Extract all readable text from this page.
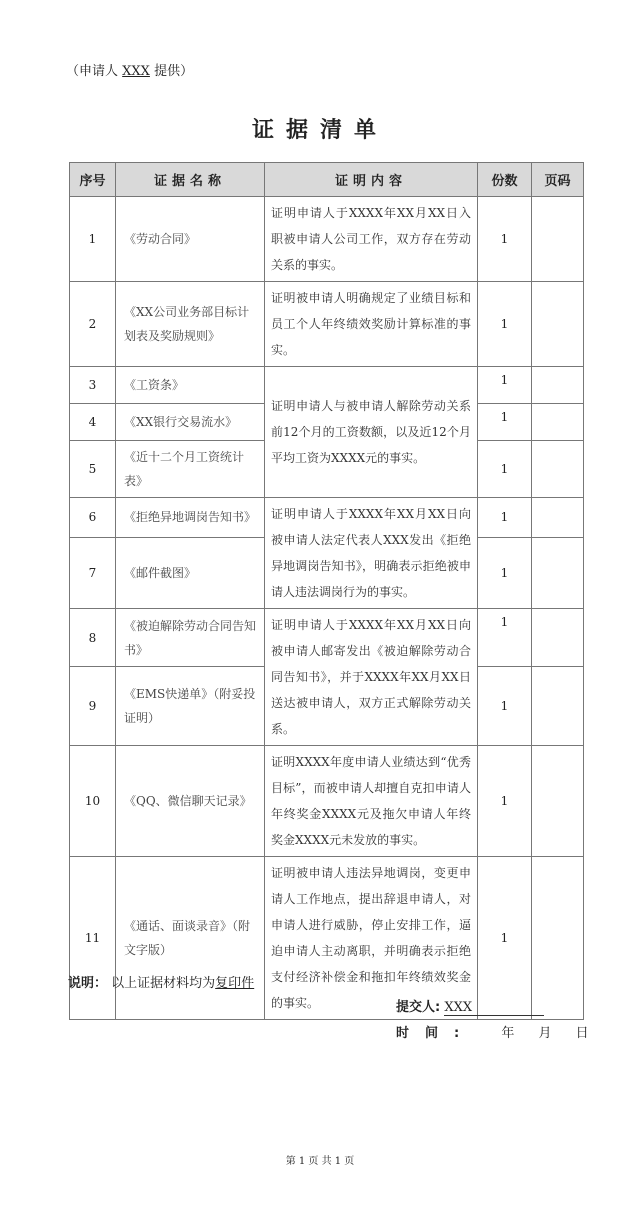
（申请人 XXX 提供）
证据清单
序号	证据名称	证明内容	份数	页码
1	《劳动合同》	证明申请人于XXXX年XX月XX日入职被申请人公司工作，双方存在劳动关系的事实。	1	
2	《XX公司业务部目标计划表及奖励规则》	证明被申请人明确规定了业绩目标和员工个人年终绩效奖励计算标准的事实。	1	
3	《工资条》	证明申请人与被申请人解除劳动关系前12个月的工资数额，以及近12个月平均工资为XXXX元的事实。	1	
4	《XX银行交易流水》		1	
5	《近十二个月工资统计表》		1	
6	《拒绝异地调岗告知书》	证明申请人于XXXX年XX月XX日向被申请人法定代表人XXX发出《拒绝异地调岗告知书》，明确表示拒绝被申请人违法调岗行为的事实。	1	
7	《邮件截图》		1	
8	《被迫解除劳动合同告知书》	证明申请人于XXXX年XX月XX日向被申请人邮寄发出《被迫解除劳动合同告知书》，并于XXXX年XX月XX日送达被申请人，双方正式解除劳动关系。	1	
9	《EMS快递单》（附妥投证明）		1	
10	《QQ、微信聊天记录》	证明XXXX年度申请人业绩达到“优秀目标”，而被申请人却擅自克扣申请人年终奖金XXXX元及拖欠申请人年终奖金XXXX元未发放的事实。	1	
11	《通话、面谈录音》（附文字版）	证明被申请人违法异地调岗，变更申请人工作地点，提出辞退申请人，对申请人进行威胁，停止安排工作，逼迫申请人主动离职，并明确表示拒绝支付经济补偿金和拖扣年终绩效奖金的事实。	1	
说明： 以上证据材料均为复印件
提交人: XXX
时间: 年 月 日
第 1 页 共 1 页
